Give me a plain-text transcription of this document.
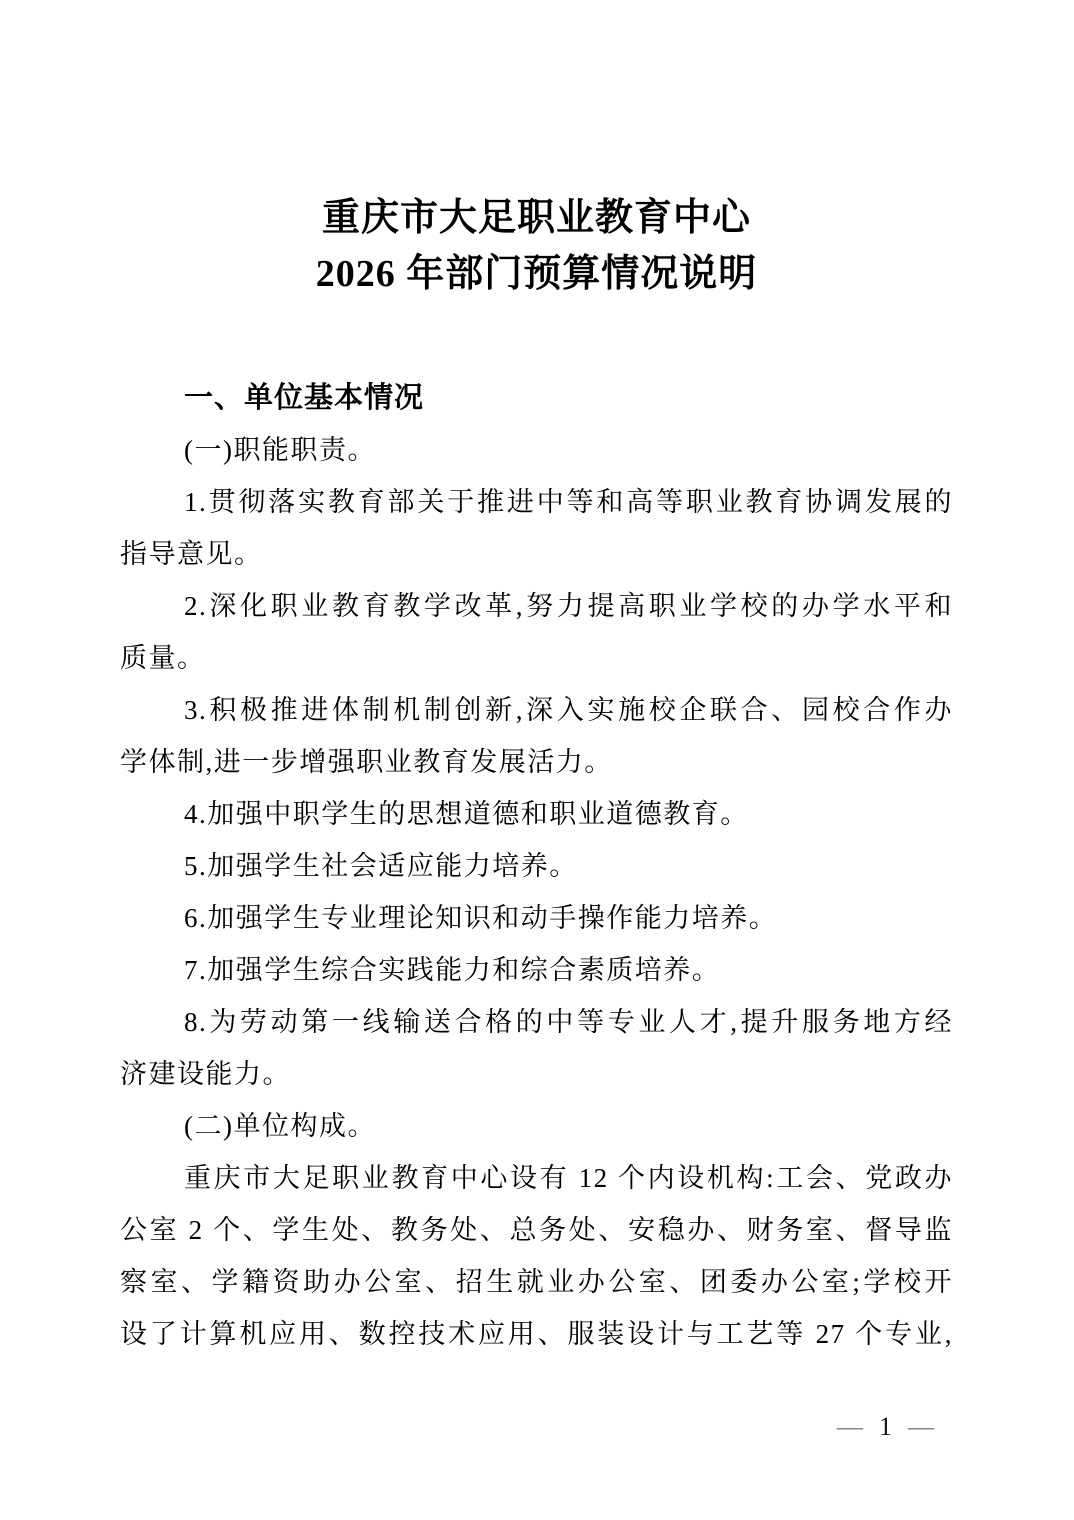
重庆市大足职业教育中心
2026 年部门预算情况说明
一、单位基本情况
(一)职能职责。
1.贯彻落实教育部关于推进中等和高等职业教育协调发展的
指导意见。
2.深化职业教育教学改革,努力提高职业学校的办学水平和
质量。
3.积极推进体制机制创新,深入实施校企联合、园校合作办
学体制,进一步增强职业教育发展活力。
4.加强中职学生的思想道德和职业道德教育。
5.加强学生社会适应能力培养。
6.加强学生专业理论知识和动手操作能力培养。
7.加强学生综合实践能力和综合素质培养。
8.为劳动第一线输送合格的中等专业人才,提升服务地方经
济建设能力。
(二)单位构成。
重庆市大足职业教育中心设有 12 个内设机构:工会、党政办
公室 2 个、学生处、教务处、总务处、安稳办、财务室、督导监
察室、学籍资助办公室、招生就业办公室、团委办公室;学校开
设了计算机应用、数控技术应用、服装设计与工艺等 27 个专业,
— 1 —
